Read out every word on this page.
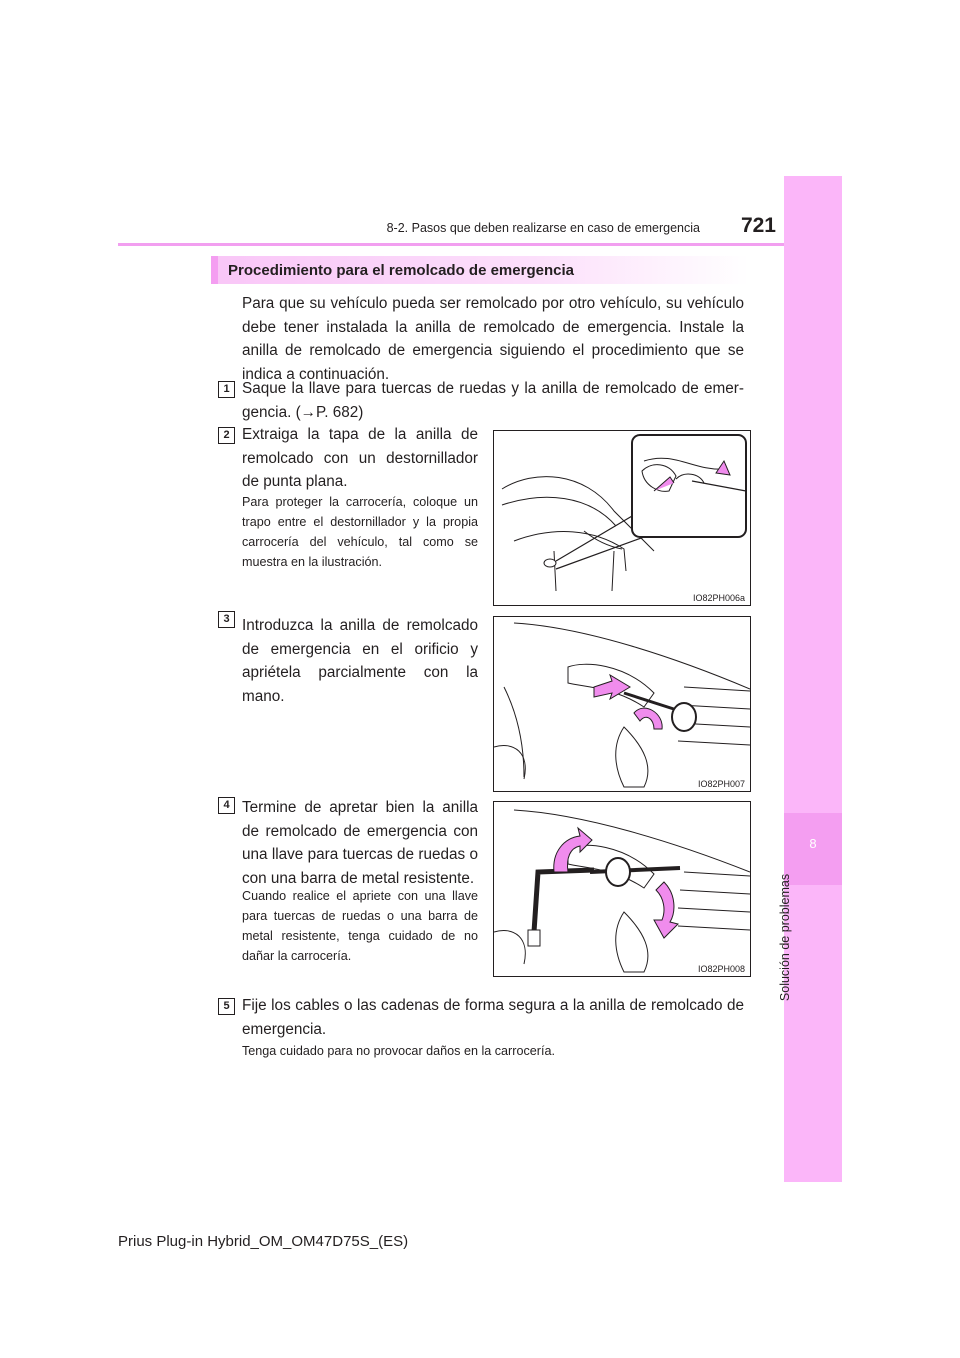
8-2. Pasos que deben realizarse en caso de emergencia	721
8
Solución de problemas
Procedimiento para el remolcado de emergencia
Para que su vehículo pueda ser remolcado por otro vehículo, su vehículo debe tener instalada la anilla de remolcado de emergencia. Instale la anilla de remolcado de emergencia siguiendo el procedimiento que se indica a continuación.
1 Saque la llave para tuercas de ruedas y la anilla de remolcado de emer-gencia. (→P. 682)
2 Extraiga la tapa de la anilla de remolcado con un destornillador de punta plana.
Para proteger la carrocería, coloque un trapo entre el destornillador y la propia carrocería del vehículo, tal como se muestra en la ilustración.
IO82PH006a
3 Introduzca la anilla de remolcado de emergencia en el orificio y apriétela parcialmente con la mano.
IO82PH007
4 Termine de apretar bien la anilla de remolcado de emergencia con una llave para tuercas de ruedas o con una barra de metal resistente.
Cuando realice el apriete con una llave para tuercas de ruedas o una barra de metal resistente, tenga cuidado de no dañar la carrocería.
IO82PH008
5 Fije los cables o las cadenas de forma segura a la anilla de remolcado de emergencia.
Tenga cuidado para no provocar daños en la carrocería.
Prius Plug-in Hybrid_OM_OM47D75S_(ES)
